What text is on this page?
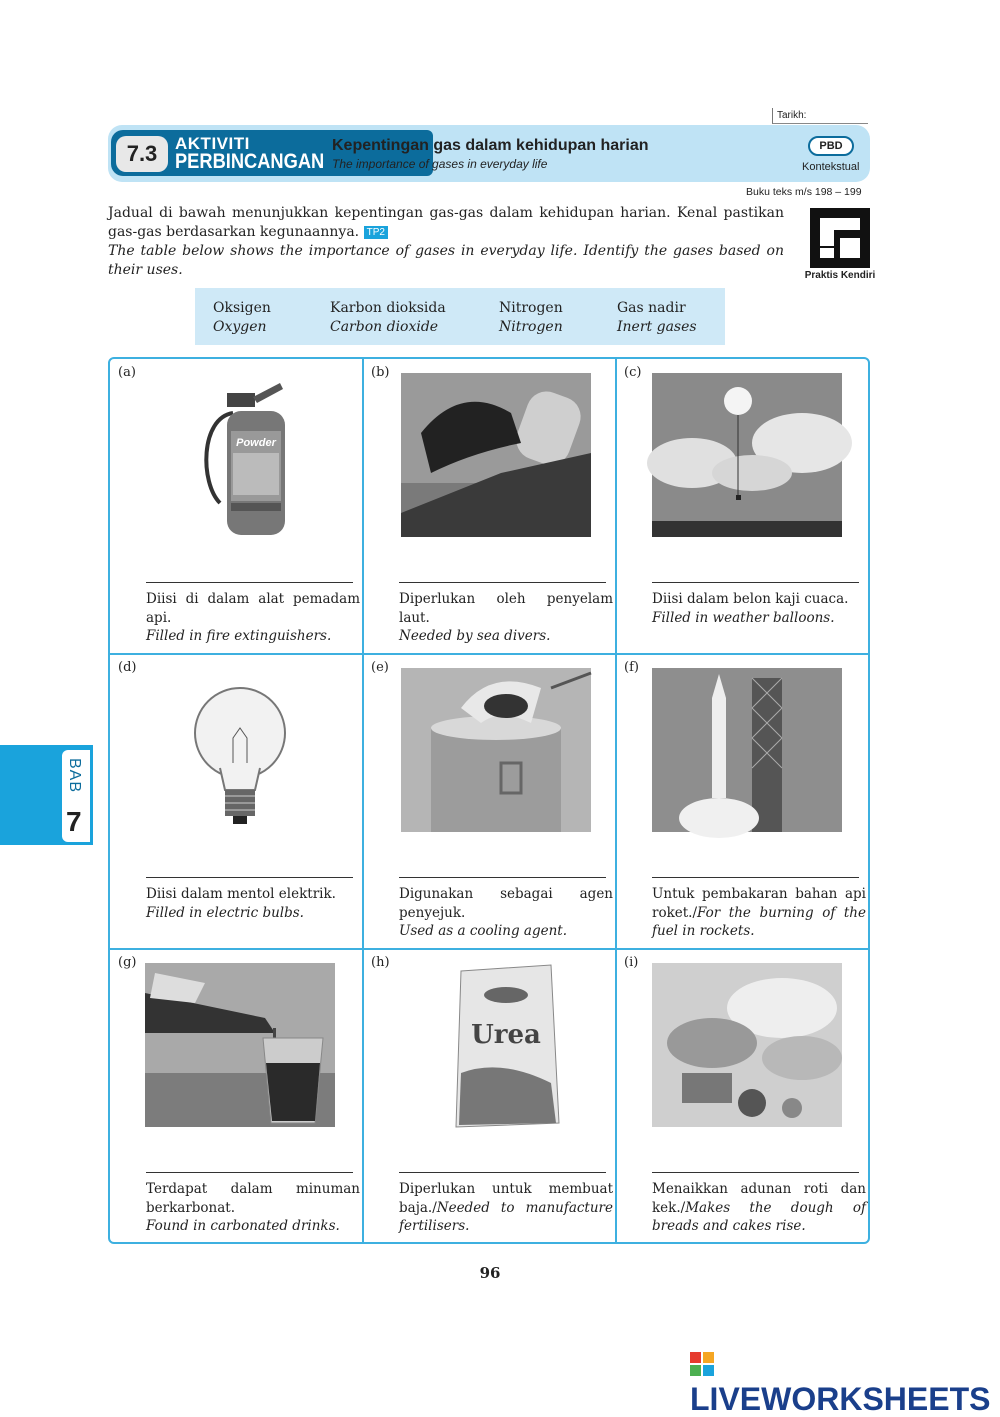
Tarikh:
7.3	AKTIVITI
PERBINCANGAN
Kepentingan gas dalam kehidupan harian
The importance of gases in everyday life
PBD
Kontekstual
Buku teks m/s 198 – 199
Jadual di bawah menunjukkan kepentingan gas-gas dalam kehidupan harian. Kenal pastikan gas-gas berdasarkan kegunaannya. TP2
The table below shows the importance of gases in everyday life. Identify the gases based on their uses.	Praktis Kendiri
Oksigen
Oxygen
Karbon dioksida
Carbon dioxide
Nitrogen
Nitrogen
Gas nadir
Inert gases
(a)
Powder
Diisi di dalam alat pemadam api.
Filled in fire extinguishers.
(b)
Diperlukan oleh penyelam laut.
Needed by sea divers.
(c)
Diisi dalam belon kaji cuaca.
Filled in weather balloons.
(d)
Diisi dalam mentol elektrik.
Filled in electric bulbs.
(e)
Digunakan sebagai agen penyejuk.
Used as a cooling agent.
(f)
Untuk pembakaran bahan api roket./For the burning of the fuel in rockets.
(g)
Terdapat dalam minuman berkarbonat.
Found in carbonated drinks.
(h)
Urea
Diperlukan untuk membuat baja./Needed to manufacture fertilisers.
(i)
Menaikkan adunan roti dan kek./Makes the dough of breads and cakes rise.
96
BAB
7
LIVEWORKSHEETS
